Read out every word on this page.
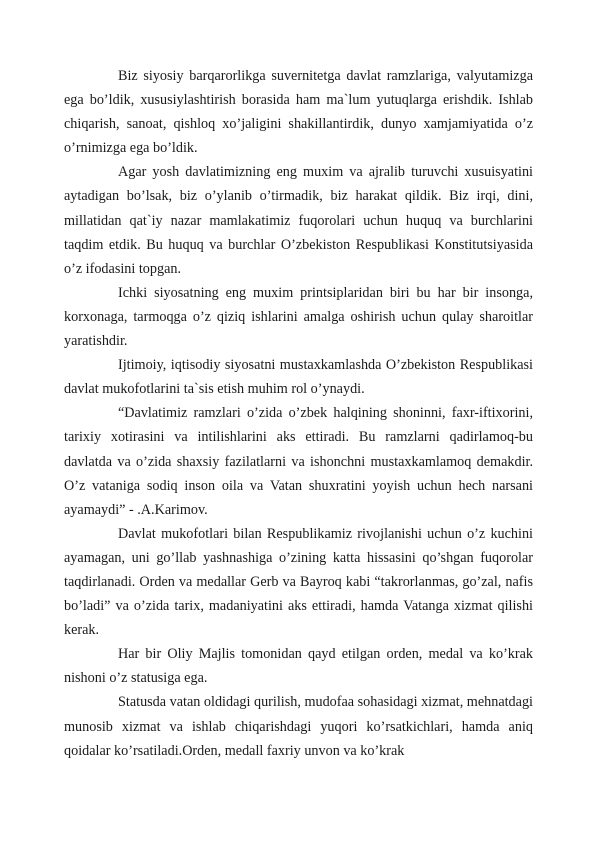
Biz siyosiy barqarorlikga suvernitetga davlat ramzlariga, valyutamizga ega bo’ldik, xususiylashtirish borasida ham ma`lum yutuqlarga erishdik. Ishlab chiqarish, sanoat, qishloq xo’jaligini shakillantirdik, dunyo xamjamiyatida o’z o’rnimizga ega bo’ldik.

Agar yosh davlatimizning eng muxim va ajralib turuvchi xusuisyatini aytadigan bo’lsak, biz o’ylanib o’tirmadik, biz harakat qildik. Biz irqi, dini, millatidan qat`iy nazar mamlakatimiz fuqorolari uchun huquq va burchlarini taqdim etdik. Bu huquq va burchlar O’zbekiston Respublikasi Konstitutsiyasida o’z ifodasini topgan.

Ichki siyosatning eng muxim printsiplaridan biri bu har bir insonga, korxonaga, tarmoqga o’z qiziq ishlarini amalga oshirish uchun qulay sharoitlar yaratishdir.

Ijtimoiy, iqtisodiy siyosatni mustaxkamlashda O’zbekiston Respublikasi davlat mukofotlarini ta`sis etish muhim rol o’ynaydi.

“Davlatimiz ramzlari o’zida o’zbek halqining shoninni, faxr-iftixorini, tarixiy xotirasini va intilishlarini aks ettiradi. Bu ramzlarni qadirlamoq-bu davlatda va o’zida shaxsiy fazilatlarni va ishonchni mustaxkamlamoq demakdir. O’z vataniga sodiq inson oila va Vatan shuxratini yoyish uchun hech narsani ayamaydi” - .A.Karimov.

Davlat mukofotlari bilan Respublikamiz rivojlanishi uchun o’z kuchini ayamagan, uni go’llab yashnashiga o’zining katta hissasini qo’shgan fuqorolar taqdirlanadi. Orden va medallar Gerb va Bayroq kabi “takrorlanmas, go’zal, nafis bo’ladi” va o’zida tarix, madaniyatini aks ettiradi, hamda Vatanga xizmat qilishi kerak.

Har bir Oliy Majlis tomonidan qayd etilgan orden, medal va ko’krak nishoni o’z statusiga ega.

Statusda vatan oldidagi qurilish, mudofaa sohasidagi xizmat, mehnatdagi munosib xizmat va ishlab chiqarishdagi yuqori ko’rsatkichlari, hamda aniq qoidalar ko’rsatiladi.Orden, medall faxriy unvon va ko’krak
